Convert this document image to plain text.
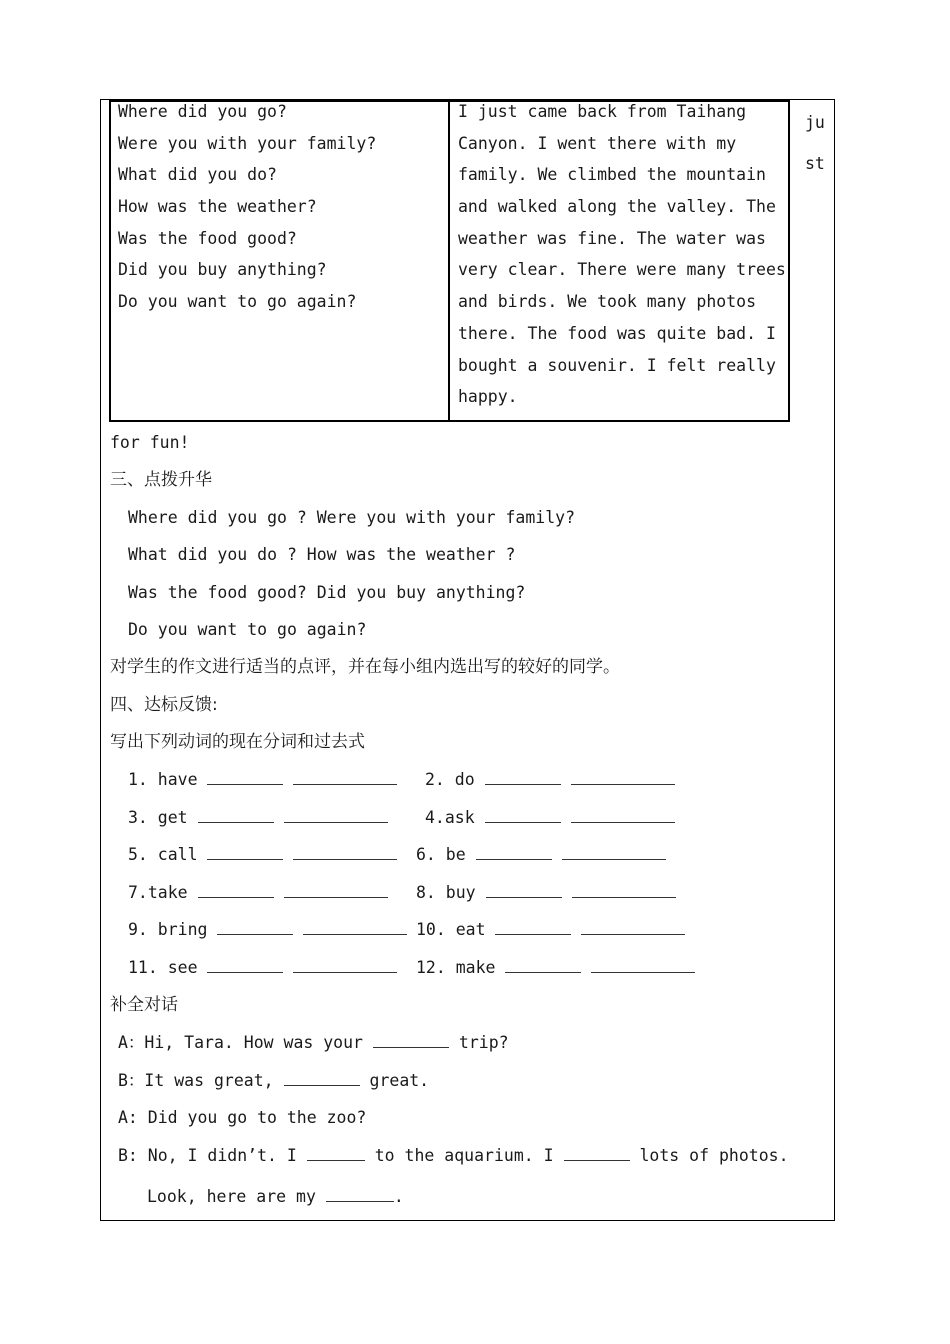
Where did you go?
Were you with your family?
What did you do?
How was the weather?
Was the food good?
Did you buy anything?
Do you want to go again?
I just came back from Taihang
Canyon. I went there with my
family. We climbed the mountain
and walked along the valley. The
weather was fine. The water was
very clear. There were many trees
and birds. We took many photos
there. The food was quite bad. I
bought a souvenir. I felt really
happy.
ju
st
for fun!
三、点拨升华
Where did you go ? Were you with your family?
What did you do ? How was the weather ?
Was the food good? Did you buy anything?
Do you want to go again?
对学生的作文进行适当的点评，并在每小组内选出写的较好的同学。
四、达标反馈:
写出下列动词的现在分词和过去式
1. have	2. do
3. get	4.ask
5. call	6. be
7.take	8. buy
9. bring	10. eat
11. see	12. make
补全对话
A：Hi, Tara. How was your	trip?
B：It was great,	great.
A: Did you go to the zoo?
B: No, I didn’t. I	to the aquarium. I	lots of photos.
Look, here are my	.
